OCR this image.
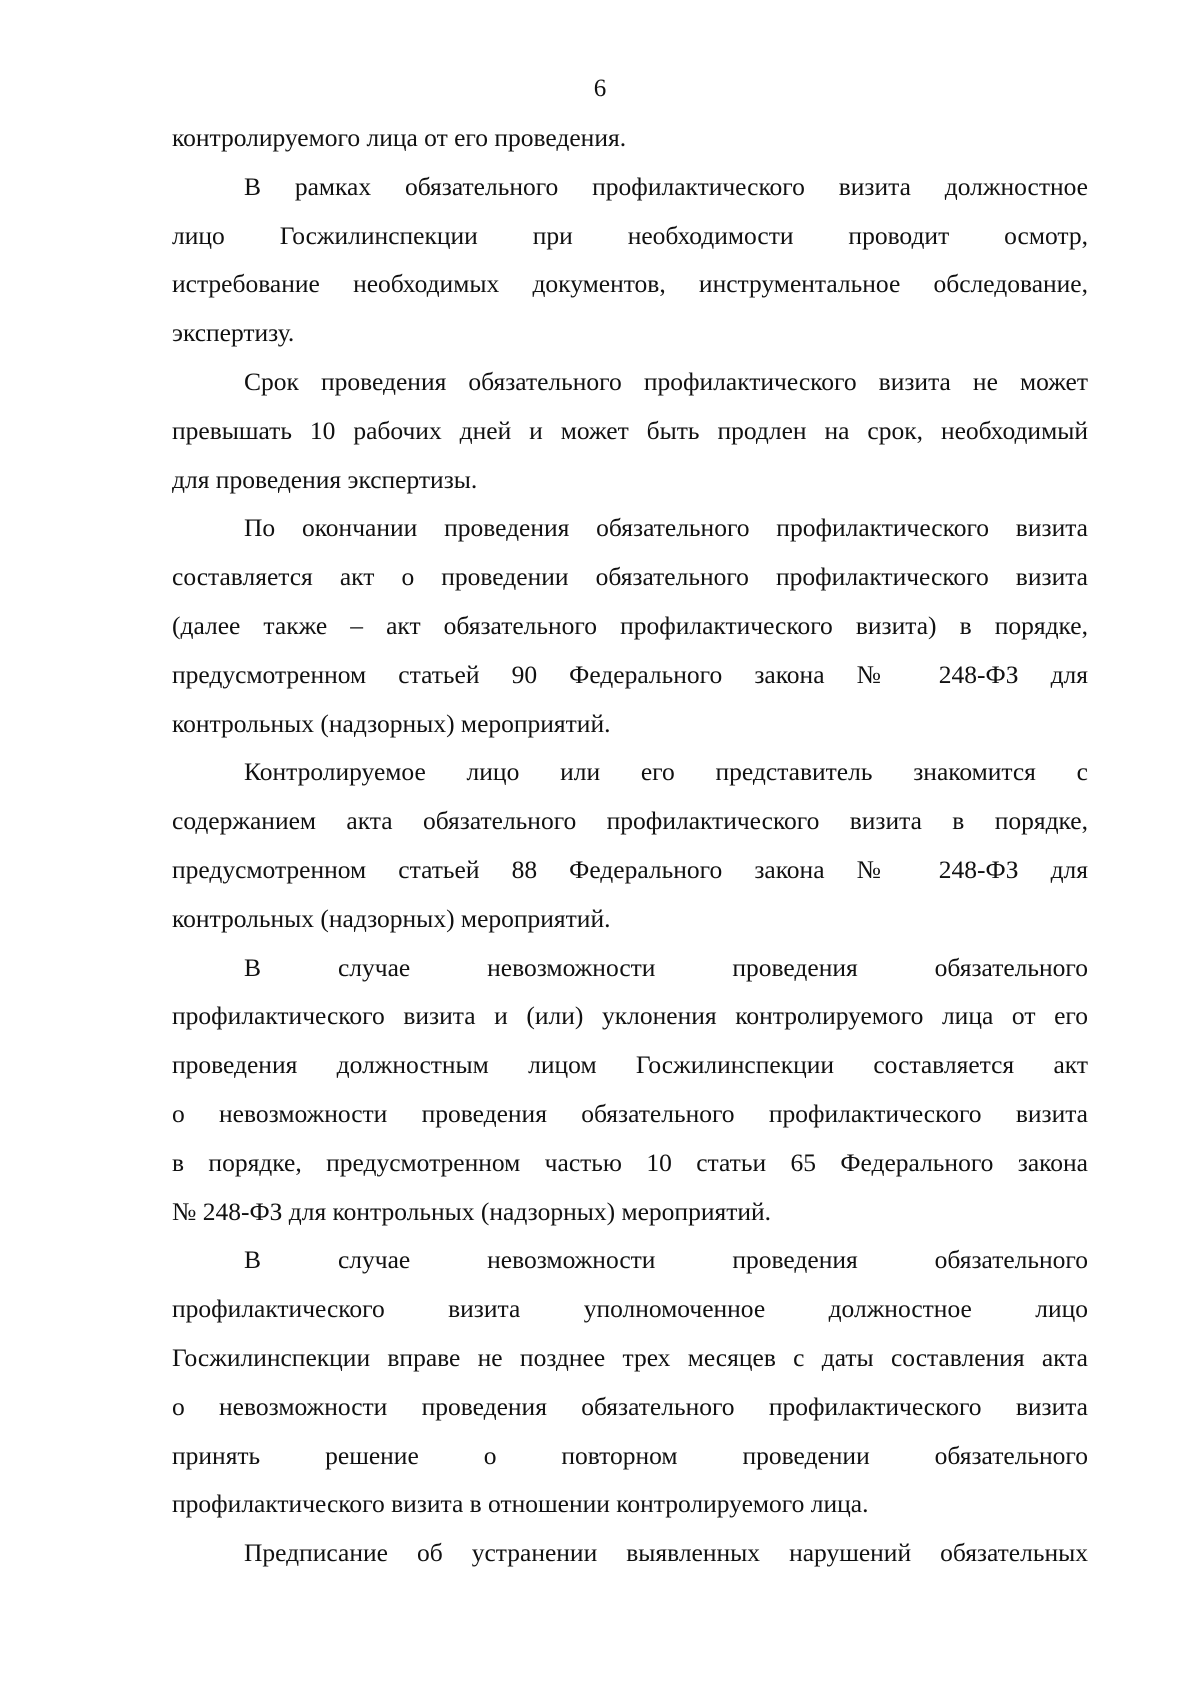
6
контролируемого лица от его проведения.
В рамках обязательного профилактического визита должностное
лицо Госжилинспекции при необходимости проводит осмотр,
истребование необходимых документов, инструментальное обследование,
экспертизу.
Срок проведения обязательного профилактического визита не может
превышать 10 рабочих дней и может быть продлен на срок, необходимый
для проведения экспертизы.
По окончании проведения обязательного профилактического визита
составляется акт о проведении обязательного профилактического визита
(далее также – акт обязательного профилактического визита) в порядке,
предусмотренном статьей 90 Федерального закона № 248-ФЗ для
контрольных (надзорных) мероприятий.
Контролируемое лицо или его представитель знакомится с
содержанием акта обязательного профилактического визита в порядке,
предусмотренном статьей 88 Федерального закона № 248-ФЗ для
контрольных (надзорных) мероприятий.
В случае невозможности проведения обязательного
профилактического визита и (или) уклонения контролируемого лица от его
проведения должностным лицом Госжилинспекции составляется акт
о невозможности проведения обязательного профилактического визита
в порядке, предусмотренном частью 10 статьи 65 Федерального закона
№ 248-ФЗ для контрольных (надзорных) мероприятий.
В случае невозможности проведения обязательного
профилактического визита уполномоченное должностное лицо
Госжилинспекции вправе не позднее трех месяцев с даты составления акта
о невозможности проведения обязательного профилактического визита
принять решение о повторном проведении обязательного
профилактического визита в отношении контролируемого лица.
Предписание об устранении выявленных нарушений обязательных
